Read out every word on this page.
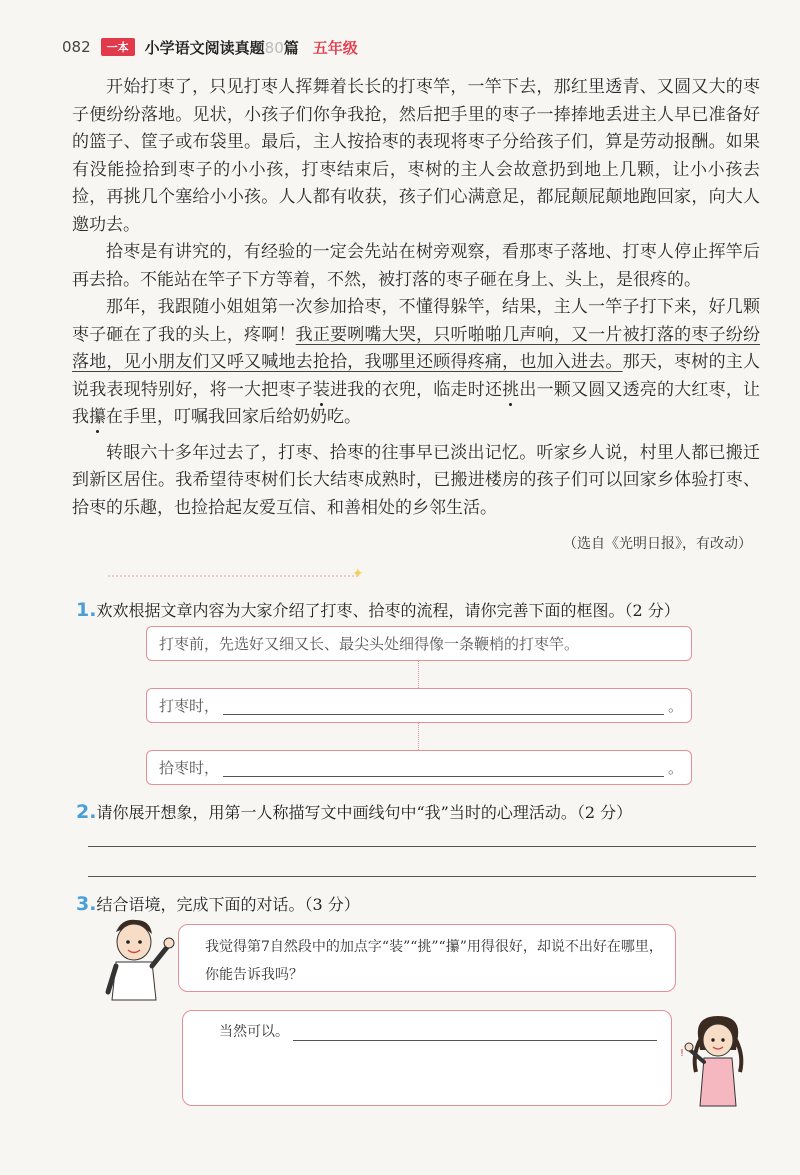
082	一本	小学语文阅读真题80篇 五年级

开始打枣了，只见打枣人挥舞着长长的打枣竿，一竿下去，那红里透青、又圆又大的枣子便纷纷落地。见状，小孩子们你争我抢，然后把手里的枣子一捧捧地丢进主人早已准备好的篮子、筐子或布袋里。最后，主人按拾枣的表现将枣子分给孩子们，算是劳动报酬。如果有没能捡拾到枣子的小小孩，打枣结束后，枣树的主人会故意扔到地上几颗，让小小孩去捡，再挑几个塞给小小孩。人人都有收获，孩子们心满意足，都屁颠屁颠地跑回家，向大人邀功去。

拾枣是有讲究的，有经验的一定会先站在树旁观察，看那枣子落地、打枣人停止挥竿后再去拾。不能站在竿子下方等着，不然，被打落的枣子砸在身上、头上，是很疼的。

那年，我跟随小姐姐第一次参加拾枣，不懂得躲竿，结果，主人一竿子打下来，好几颗枣子砸在了我的头上，疼啊！我正要咧嘴大哭，只听啪啪几声响，又一片被打落的枣子纷纷落地，见小朋友们又呼又喊地去抢拾，我哪里还顾得疼痛，也加入进去。那天，枣树的主人说我表现特别好，将一大把枣子装进我的衣兜，临走时还挑出一颗又圆又透亮的大红枣，让我攥在手里，叮嘱我回家后给奶奶吃。

转眼六十多年过去了，打枣、拾枣的往事早已淡出记忆。听家乡人说，村里人都已搬迁到新区居住。我希望待枣树们长大结枣成熟时，已搬进楼房的孩子们可以回家乡体验打枣、拾枣的乐趣，也捡拾起友爱互信、和善相处的乡邻生活。

（选自《光明日报》，有改动）
✦
1.欢欢根据文章内容为大家介绍了打枣、拾枣的流程，请你完善下面的框图。（2 分）
打枣前，先选好又细又长、最尖头处细得像一条鞭梢的打枣竿。
打枣时，	。
拾枣时，	。
2.请你展开想象，用第一人称描写文中画线句中“我”当时的心理活动。（2 分）
3.结合语境，完成下面的对话。（3 分）
我觉得第7自然段中的加点字“装”“挑”“攥”用得很好，却说不出好在哪里，你能告诉我吗？
当然可以。
!
